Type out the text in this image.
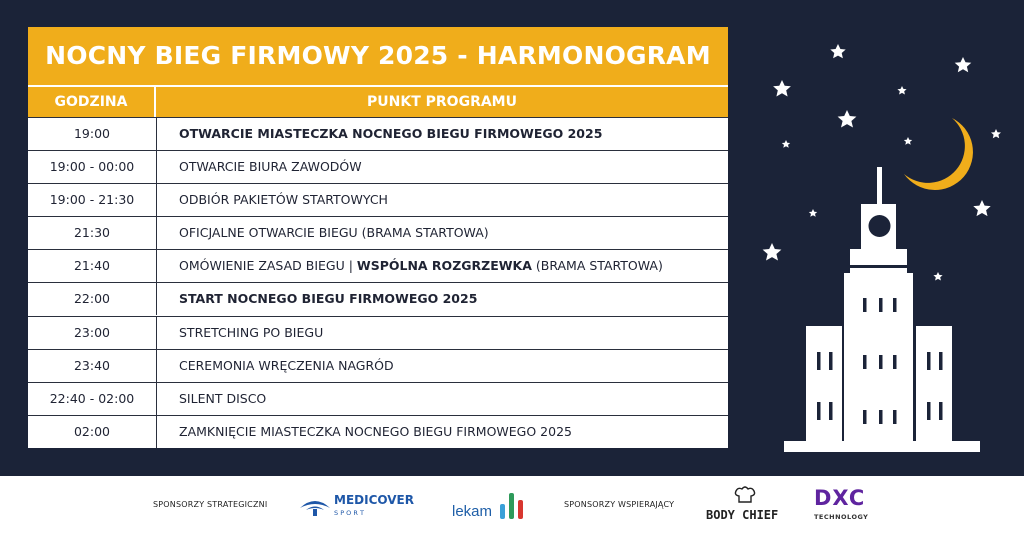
NOCNY BIEG FIRMOWY 2025 - HARMONOGRAM
GODZINA	PUNKT PROGRAMU
19:00	OTWARCIE MIASTECZKA NOCNEGO BIEGU FIRMOWEGO 2025
19:00 - 00:00	OTWARCIE BIURA ZAWODÓW
19:00 - 21:30	ODBIÓR PAKIETÓW STARTOWYCH
21:30	OFICJALNE OTWARCIE BIEGU (BRAMA STARTOWA)
21:40	OMÓWIENIE ZASAD BIEGU | WSPÓLNA ROZGRZEWKA (BRAMA STARTOWA)
22:00	START NOCNEGO BIEGU FIRMOWEGO 2025
23:00	STRETCHING PO BIEGU
23:40	CEREMONIA WRĘCZENIA NAGRÓD
22:40 - 02:00	SILENT DISCO
02:00	ZAMKNIĘCIE MIASTECZKA NOCNEGO BIEGU FIRMOWEGO 2025
SPONSORZY STRATEGICZNI	MEDICOVER
S P O R T	lekam	SPONSORZY WSPIERAJĄCY
BODY CHIEF
DXC
TECHNOLOGY
